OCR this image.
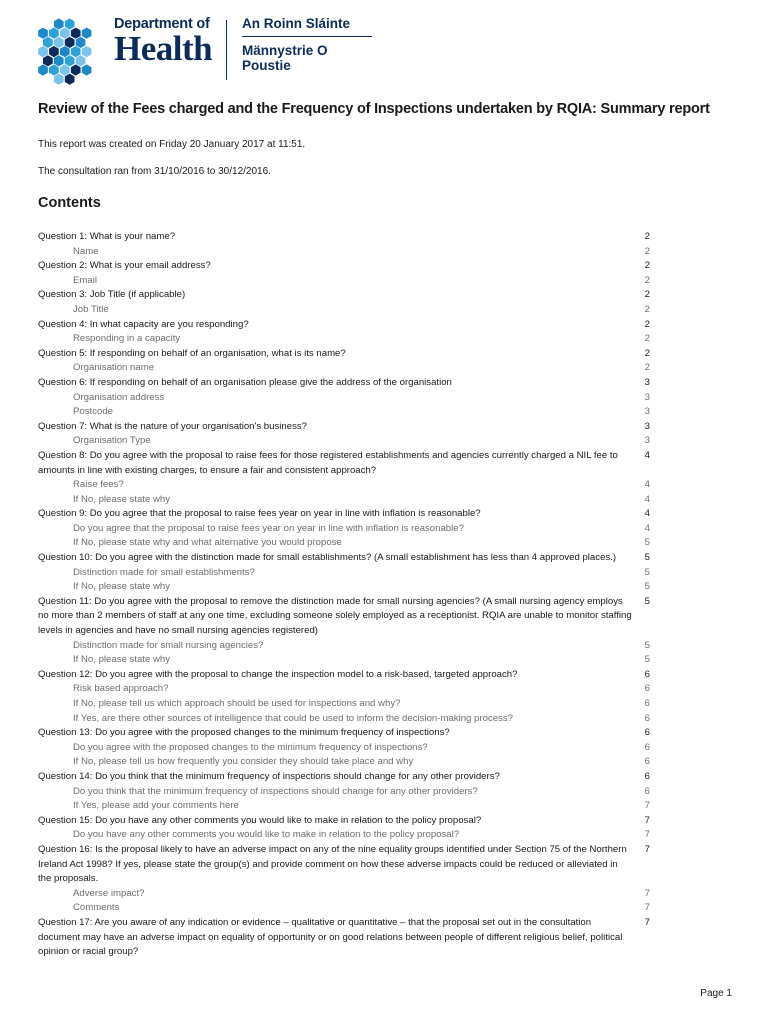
Department of
Health
An Roinn Sláinte
Männystrie O Poustie
Review of the Fees charged and the Frequency of Inspections undertaken by RQIA: Summary report
This report was created on Friday 20 January 2017 at 11:51.
The consultation ran from 31/10/2016 to 30/12/2016.
Contents
Question 1: What is your name?	2
Name	2
Question 2: What is your email address?	2
Email	2
Question 3: Job Title (if applicable)	2
Job Title	2
Question 4: In what capacity are you responding?	2
Responding in a capacity	2
Question 5: If responding on behalf of an organisation, what is its name?	2
Organisation name	2
Question 6: If responding on behalf of an organisation please give the address of the organisation	3
Organisation address	3
Postcode	3
Question 7: What is the nature of your organisation's business?	3
Organisation Type	3
Question 8: Do you agree with the proposal to raise fees for those registered establishments and agencies currently charged a NIL fee to amounts in line with existing charges, to ensure a fair and consistent approach?
4
Raise fees?	4
If No, please state why	4
Question 9: Do you agree that the proposal to raise fees year on year in line with inflation is reasonable?	4
Do you agree that the proposal to raise fees year on year in line with inflation is reasonable?	4
If No, please state why and what alternative you would propose	5
Question 10: Do you agree with the distinction made for small establishments? (A small establishment has less than 4 approved places.)	5
Distinction made for small establishments?	5
If No, please state why	5
Question 11: Do you agree with the proposal to remove the distinction made for small nursing agencies? (A small nursing agency employs no more than 2 members of staff at any one time, excluding someone solely employed as a receptionist. RQIA are unable to monitor staffing levels in agencies and have no small nursing agencies registered)
5
Distinction made for small nursing agencies?	5
If No, please state why	5
Question 12: Do you agree with the proposal to change the inspection model to a risk-based, targeted approach?	6
Risk based approach?	6
If No, please tell us which approach should be used for inspections and why?	6
If Yes, are there other sources of intelligence that could be used to inform the decision-making process?	6
Question 13: Do you agree with the proposed changes to the minimum frequency of inspections?	6
Do you agree with the proposed changes to the minimum frequency of inspections?	6
If No, please tell us how frequently you consider they should take place and why	6
Question 14: Do you think that the minimum frequency of inspections should change for any other providers?	6
Do you think that the minimum frequency of inspections should change for any other providers?	6
If Yes, please add your comments here	7
Question 15: Do you have any other comments you would like to make in relation to the policy proposal?	7
Do you have any other comments you would like to make in relation to the policy proposal?	7
Question 16: Is the proposal likely to have an adverse impact on any of the nine equality groups identified under Section 75 of the Northern Ireland Act 1998? If yes, please state the group(s) and provide comment on how these adverse impacts could be reduced or alleviated in the proposals.
7
Adverse impact?	7
Comments	7
Question 17: Are you aware of any indication or evidence – qualitative or quantitative – that the proposal set out in the consultation document may have an adverse impact on equality of opportunity or on good relations between people of different religious belief, political opinion or racial group?
7
Page 1
